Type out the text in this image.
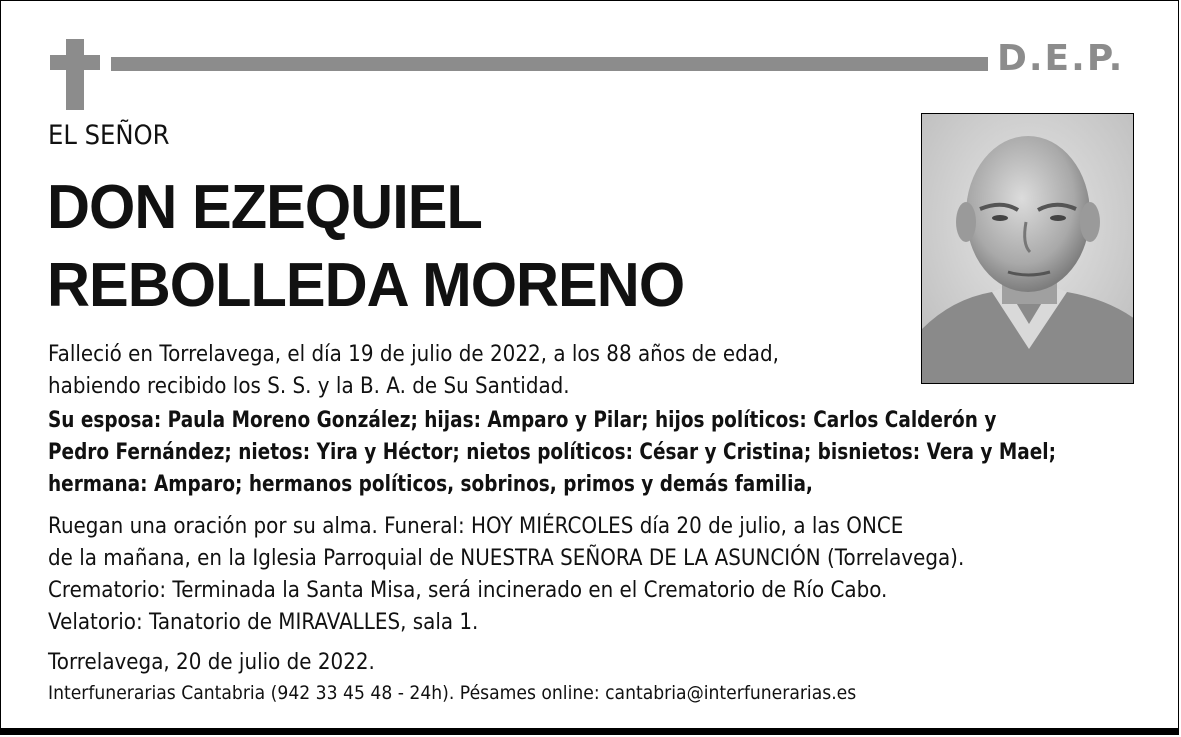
D.E.P.
EL SEÑOR
DON EZEQUIEL
REBOLLEDA MORENO
Falleció en Torrelavega, el día 19 de julio de 2022, a los 88 años de edad,
habiendo recibido los S. S. y la B. A. de Su Santidad.
Su esposa: Paula Moreno González; hijas: Amparo y Pilar; hijos políticos: Carlos Calderón y
Pedro Fernández; nietos: Yira y Héctor; nietos políticos: César y Cristina; bisnietos: Vera y Mael;
hermana: Amparo; hermanos políticos, sobrinos, primos y demás familia,
Ruegan una oración por su alma. Funeral: HOY MIÉRCOLES día 20 de julio, a las ONCE
de la mañana, en la Iglesia Parroquial de NUESTRA SEÑORA DE LA ASUNCIÓN (Torrelavega).
Crematorio: Terminada la Santa Misa, será incinerado en el Crematorio de Río Cabo.
Velatorio: Tanatorio de MIRAVALLES, sala 1.
Torrelavega, 20 de julio de 2022.
Interfunerarias Cantabria (942 33 45 48 - 24h). Pésames online: cantabria@interfunerarias.es
